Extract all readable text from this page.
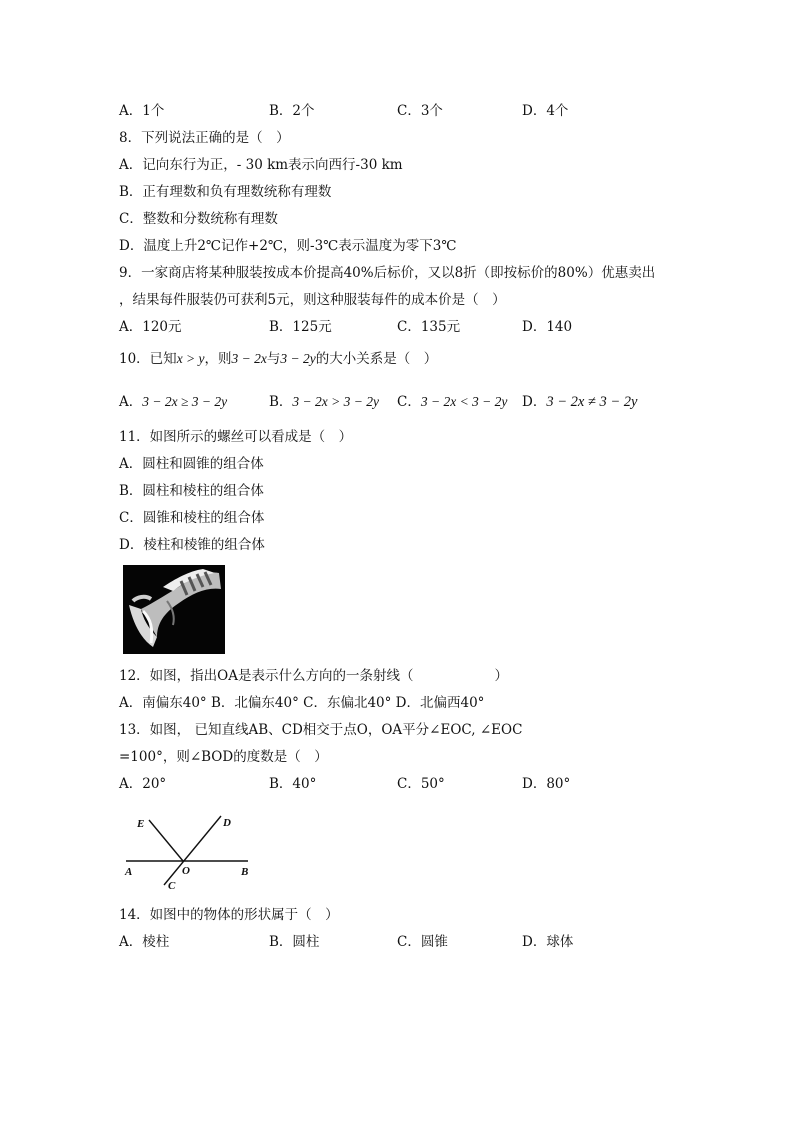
A．1个	B．2个	C．3个	D．4个
8．下列说法正确的是（　）
A．记向东行为正，- 30 km表示向西行-30 km
B．正有理数和负有理数统称有理数
C．整数和分数统称有理数
D．温度上升2℃记作+2℃，则-3℃表示温度为零下3℃
9．一家商店将某种服装按成本价提高40%后标价，又以8折（即按标价的80%）优惠卖出
，结果每件服装仍可获利5元，则这种服装每件的成本价是（　）
A．120元	B．125元	C．135元	D．140
10．已知x > y，则3 − 2x与3 − 2y的大小关系是（　）
A．3 − 2x ≥ 3 − 2y	B．3 − 2x > 3 − 2y C．3 − 2x < 3 − 2y D．3 − 2x ≠ 3 − 2y
11．如图所示的螺丝可以看成是（　）
A．圆柱和圆锥的组合体
B．圆柱和棱柱的组合体
C．圆锥和棱柱的组合体
D．棱柱和棱锥的组合体
12．如图，指出OA是表示什么方向的一条射线（　　　　　　）
A．南偏东40° B．北偏东40° C．东偏北40° D．北偏西40°
13．如图， 已知直线AB、CD相交于点O，OA平分∠EOC, ∠EOC
=100°，则∠BOD的度数是（　）
A．20°	B．40°	C．50°	D．80°
E	D
A	O	B
C
14．如图中的物体的形状属于（　）
A．棱柱	B．圆柱	C．圆锥	D．球体
